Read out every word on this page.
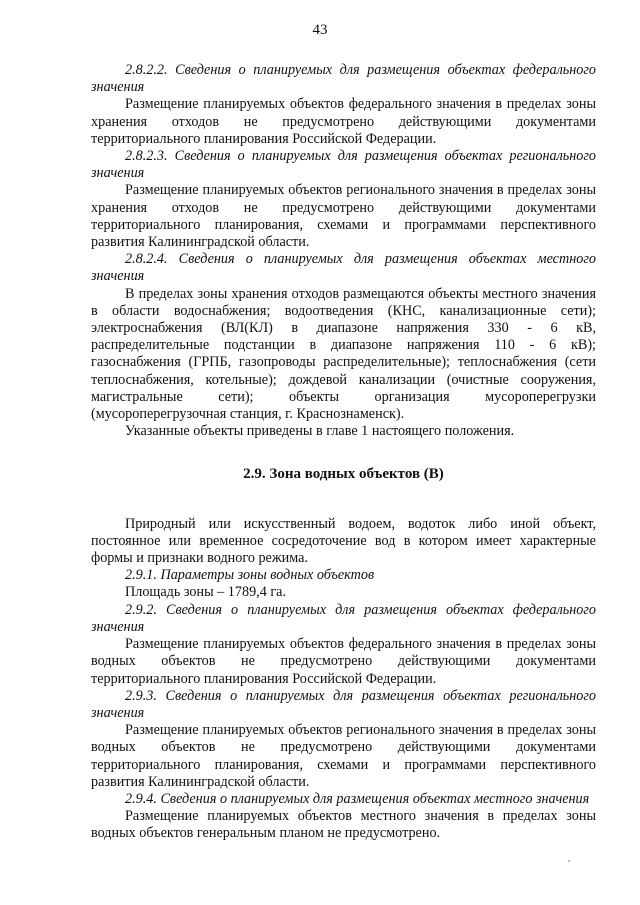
43

2.8.2.2. Сведения о планируемых для размещения объектах федерального значения

Размещение планируемых объектов федерального значения в пределах зоны хранения отходов не предусмотрено действующими документами территориального планирования Российской Федерации.

2.8.2.3. Сведения о планируемых для размещения объектах регионального значения

Размещение планируемых объектов регионального значения в пределах зоны хранения отходов не предусмотрено действующими документами территориального планирования, схемами и программами перспективного развития Калининградской области.

2.8.2.4. Сведения о планируемых для размещения объектах местного значения

В пределах зоны хранения отходов размещаются объекты местного значения в области водоснабжения; водоотведения (КНС, канализационные сети); электроснабжения (ВЛ(КЛ) в диапазоне напряжения 330 - 6 кВ, распределительные подстанции в диапазоне напряжения 110 - 6 кВ); газоснабжения (ГРПБ, газопроводы распределительные); теплоснабжения (сети теплоснабжения, котельные); дождевой канализации (очистные сооружения, магистральные сети); объекты организация мусороперегрузки (мусороперегрузочная станция, г. Краснознаменск).

Указанные объекты приведены в главе 1 настоящего положения.

2.9. Зона водных объектов (В)

Природный или искусственный водоем, водоток либо иной объект, постоянное или временное сосредоточение вод в котором имеет характерные формы и признаки водного режима.

2.9.1. Параметры зоны водных объектов

Площадь зоны – 1789,4 га.

2.9.2. Сведения о планируемых для размещения объектах федерального значения

Размещение планируемых объектов федерального значения в пределах зоны водных объектов не предусмотрено действующими документами территориального планирования Российской Федерации.

2.9.3. Сведения о планируемых для размещения объектах регионального значения

Размещение планируемых объектов регионального значения в пределах зоны водных объектов не предусмотрено действующими документами территориального планирования, схемами и программами перспективного развития Калининградской области.

2.9.4. Сведения о планируемых для размещения объектах местного значения

Размещение планируемых объектов местного значения в пределах зоны водных объектов генеральным планом не предусмотрено.
